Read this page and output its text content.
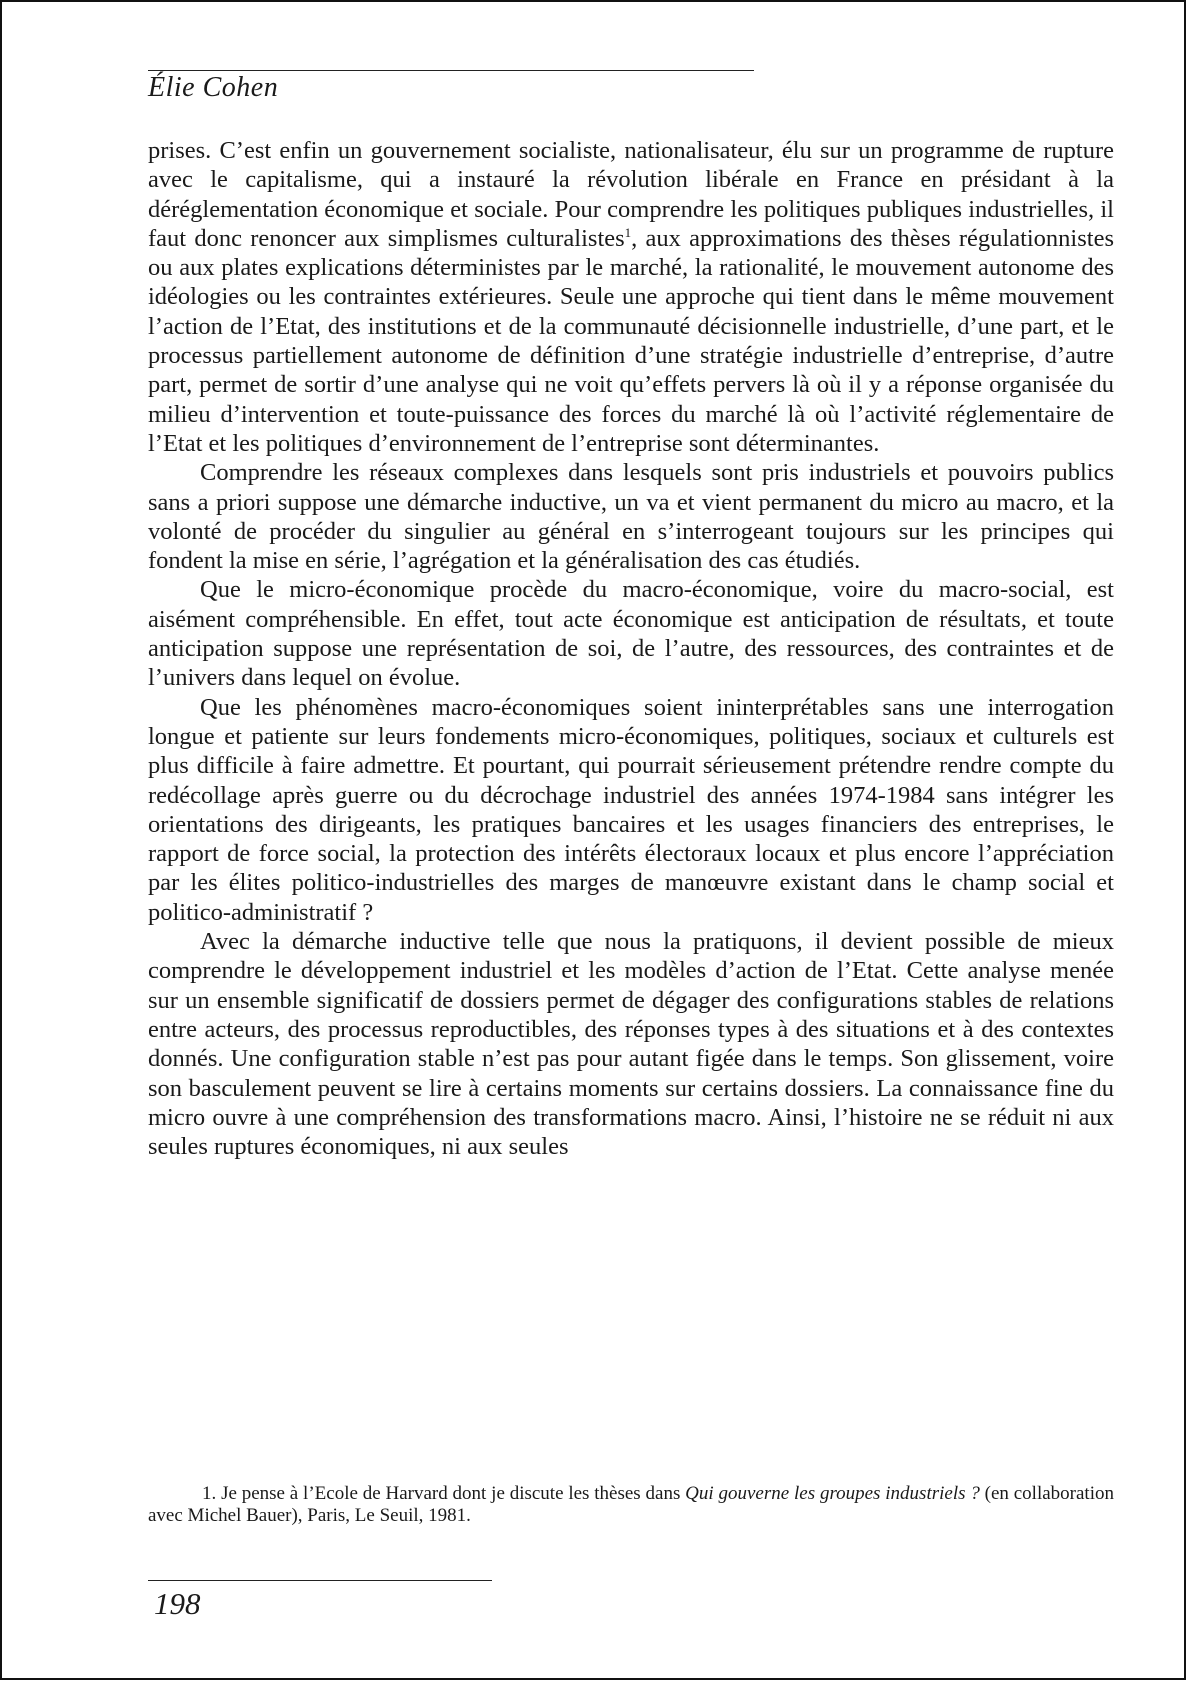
Élie Cohen

prises. C’est enfin un gouvernement socialiste, nationalisateur, élu sur un programme de rupture avec le capitalisme, qui a instauré la révolution libérale en France en présidant à la déréglementation économique et sociale. Pour comprendre les politiques publiques industrielles, il faut donc renoncer aux simplismes culturalistes$^1$, aux approximations des thèses régulationnistes ou aux plates explications déterministes par le marché, la rationalité, le mouvement autonome des idéologies ou les contraintes extérieures. Seule une approche qui tient dans le même mouvement l’action de l’Etat, des institutions et de la communauté décisionnelle industrielle, d’une part, et le processus partiellement autonome de définition d’une stratégie industrielle d’entreprise, d’autre part, permet de sortir d’une analyse qui ne voit qu’effets pervers là où il y a réponse organisée du milieu d’intervention et toute-puissance des forces du marché là où l’activité réglementaire de l’Etat et les politiques d’environnement de l’entreprise sont déterminantes.

Comprendre les réseaux complexes dans lesquels sont pris industriels et pouvoirs publics sans a priori suppose une démarche inductive, un va et vient permanent du micro au macro, et la volonté de procéder du singulier au général en s’interrogeant toujours sur les principes qui fondent la mise en série, l’agrégation et la généralisation des cas étudiés.

Que le micro-économique procède du macro-économique, voire du macro-social, est aisément compréhensible. En effet, tout acte économique est anticipation de résultats, et toute anticipation suppose une représentation de soi, de l’autre, des ressources, des contraintes et de l’univers dans lequel on évolue.

Que les phénomènes macro-économiques soient ininterprétables sans une interrogation longue et patiente sur leurs fondements micro-économiques, politiques, sociaux et culturels est plus difficile à faire admettre. Et pourtant, qui pourrait sérieusement prétendre rendre compte du redécollage après guerre ou du décrochage industriel des années 1974-1984 sans intégrer les orientations des dirigeants, les pratiques bancaires et les usages financiers des entreprises, le rapport de force social, la protection des intérêts électoraux locaux et plus encore l’appréciation par les élites politico-industrielles des marges de manœuvre existant dans le champ social et politico-administratif ?

Avec la démarche inductive telle que nous la pratiquons, il devient possible de mieux comprendre le développement industriel et les modèles d’action de l’Etat. Cette analyse menée sur un ensemble significatif de dossiers permet de dégager des configurations stables de relations entre acteurs, des processus reproductibles, des réponses types à des situations et à des contextes donnés. Une configuration stable n’est pas pour autant figée dans le temps. Son glissement, voire son basculement peuvent se lire à certains moments sur certains dossiers. La connaissance fine du micro ouvre à une compréhension des transformations macro. Ainsi, l’histoire ne se réduit ni aux seules ruptures économiques, ni aux seules

1. Je pense à l’Ecole de Harvard dont je discute les thèses dans Qui gouverne les groupes industriels ? (en collaboration avec Michel Bauer), Paris, Le Seuil, 1981.

198
